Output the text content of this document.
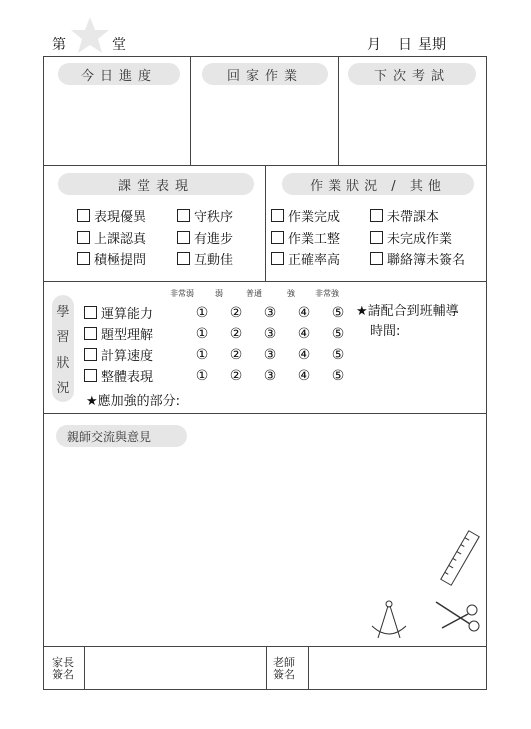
第	堂	月 日 星期
今日進度	回家作業	下次考試
課堂表現
表現優異	守秩序
上課認真	有進步
積極提問	互動佳
作業狀況 / 其他
作業完成	未帶課本
作業工整	未完成作業
正確率高	聯絡簿未簽名
學
習
狀
況
非常弱	弱	普通	強	非常強
運算能力	①	②	③	④	⑤
題型理解	①	②	③	④	⑤
計算速度	①	②	③	④	⑤
整體表現	①	②	③	④	⑤
★應加強的部分:
★請配合到班輔導
時間:
親師交流與意見
家長
簽名
老師
簽名
